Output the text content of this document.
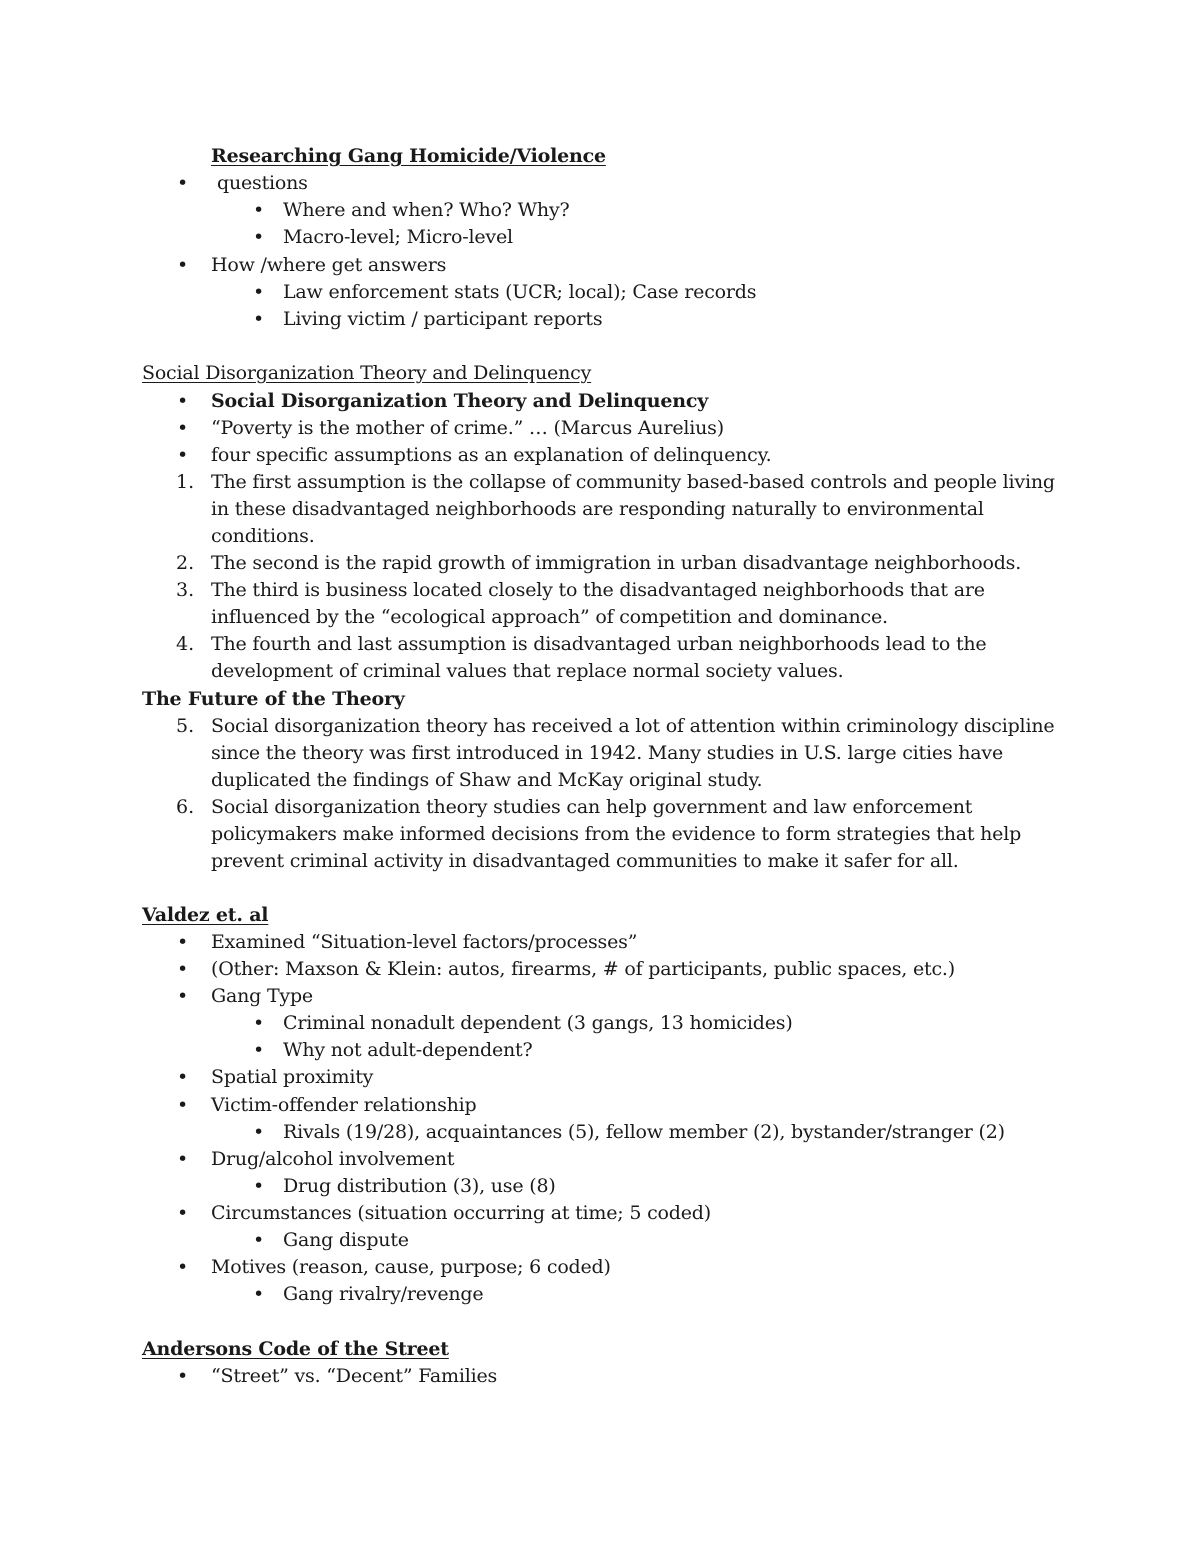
Researching Gang Homicide/Violence
• questions
• Where and when? Who? Why?
• Macro-level; Micro-level
• How /where get answers
• Law enforcement stats (UCR; local); Case records
• Living victim / participant reports
Social Disorganization Theory and Delinquency
• Social Disorganization Theory and Delinquency
• “Poverty is the mother of crime.” … (Marcus Aurelius)
• four specific assumptions as an explanation of delinquency.
1. The first assumption is the collapse of community based-based controls and people living
in these disadvantaged neighborhoods are responding naturally to environmental
conditions.
2. The second is the rapid growth of immigration in urban disadvantage neighborhoods.
3. The third is business located closely to the disadvantaged neighborhoods that are
influenced by the “ecological approach” of competition and dominance.
4. The fourth and last assumption is disadvantaged urban neighborhoods lead to the
development of criminal values that replace normal society values.
The Future of the Theory
5. Social disorganization theory has received a lot of attention within criminology discipline
since the theory was first introduced in 1942. Many studies in U.S. large cities have
duplicated the findings of Shaw and McKay original study.
6. Social disorganization theory studies can help government and law enforcement
policymakers make informed decisions from the evidence to form strategies that help
prevent criminal activity in disadvantaged communities to make it safer for all.
Valdez et. al
• Examined “Situation-level factors/processes”
• (Other: Maxson & Klein: autos, firearms, # of participants, public spaces, etc.)
• Gang Type
• Criminal nonadult dependent (3 gangs, 13 homicides)
• Why not adult-dependent?
• Spatial proximity
• Victim-offender relationship
• Rivals (19/28), acquaintances (5), fellow member (2), bystander/stranger (2)
• Drug/alcohol involvement
• Drug distribution (3), use (8)
• Circumstances (situation occurring at time; 5 coded)
• Gang dispute
• Motives (reason, cause, purpose; 6 coded)
• Gang rivalry/revenge
Andersons Code of the Street
• “Street” vs. “Decent” Families
